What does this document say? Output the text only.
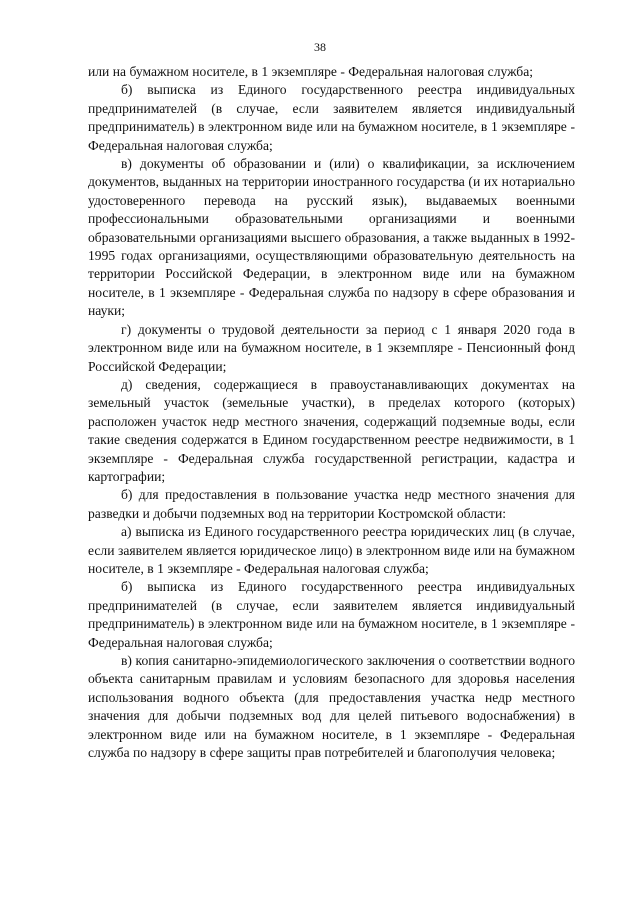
38

или на бумажном носителе, в 1 экземпляре - Федеральная налоговая служба;

б) выписка из Единого государственного реестра индивидуальных предпринимателей (в случае, если заявителем является индивидуальный предприниматель) в электронном виде или на бумажном носителе, в 1 экземпляре - Федеральная налоговая служба;

в) документы об образовании и (или) о квалификации, за исключением документов, выданных на территории иностранного государства (и их нотариально удостоверенного перевода на русский язык), выдаваемых военными профессиональными образовательными организациями и военными образовательными организациями высшего образования, а также выданных в 1992-1995 годах организациями, осуществляющими образовательную деятельность на территории Российской Федерации, в электронном виде или на бумажном носителе, в 1 экземпляре - Федеральная служба по надзору в сфере образования и науки;

г) документы о трудовой деятельности за период с 1 января 2020 года в электронном виде или на бумажном носителе, в 1 экземпляре - Пенсионный фонд Российской Федерации;

д) сведения, содержащиеся в правоустанавливающих документах на земельный участок (земельные участки), в пределах которого (которых) расположен участок недр местного значения, содержащий подземные воды, если такие сведения содержатся в Едином государственном реестре недвижимости, в 1 экземпляре - Федеральная служба государственной регистрации, кадастра и картографии;

б) для предоставления в пользование участка недр местного значения для разведки и добычи подземных вод на территории Костромской области:

а) выписка из Единого государственного реестра юридических лиц (в случае, если заявителем является юридическое лицо) в электронном виде или на бумажном носителе, в 1 экземпляре - Федеральная налоговая служба;

б) выписка из Единого государственного реестра индивидуальных предпринимателей (в случае, если заявителем является индивидуальный предприниматель) в электронном виде или на бумажном носителе, в 1 экземпляре - Федеральная налоговая служба;

в) копия санитарно-эпидемиологического заключения о соответствии водного объекта санитарным правилам и условиям безопасного для здоровья населения использования водного объекта (для предоставления участка недр местного значения для добычи подземных вод для целей питьевого водоснабжения) в электронном виде или на бумажном носителе, в 1 экземпляре - Федеральная служба по надзору в сфере защиты прав потребителей и благополучия человека;
